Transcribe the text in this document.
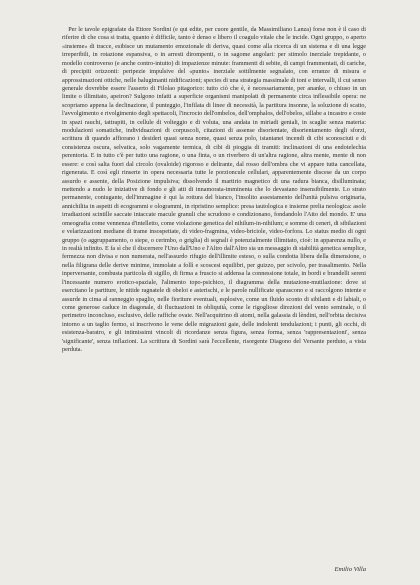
Per le tavole epigrafate da Ettore Sordini (e qui edite, per cuore gentile, da Massimiliano Lanza) forse non è il caso di riferire di che cosa si tratta, quanto è difficile, tanto è denso e libero il coagulo vitale che le incide. Ogni gruppo, o aperto «insieme» di tracce, esibisce un mutamento emozionale di deriva, quasi come alla ricerca di un sistema e di una legge irreperibili, in rotazione espansiva, o in arresti dirompenti, o in sagome angolari: per stimolo inerziale trepidante, o modello controverso (e anche contro-intuito) di impazienze minute: frammenti di sebite, di campi frammentati, di cariche, di precipiti orizzonti: peripezie impulsive del «punto» inerziale sottilmente segnalato, con erranze di misura e approssimazioni ottiche, nelle balugimanti nidificazioni; species di una strategia massimale di toni e intervalli, il cui senso generale dovrebbe essere l'asserto di Filolao pitagorico: tutto ciò che è, è necessariamente, per ananke, o chiuso in un limite o illimitato, apeiron? Sulgono infatti a superficie organismi manipolati di permanente circa inflessibile opera: ne scopriamo appena la declinazione, il punteggio, l'infilata di linee di necessità, la partitura insonne, la soluzione di scatto, l'avvolgimento e rivolgimento degli spettacoli, l'incrocio dell'ombelos, dell'omphalos, dell'obelos, sillabe a incastro e coste in spazi rauchi, tattrapiti, in cellule di volteggio e di voluta, una andata in miriadi geniali, in scaglie senza materia: modulazioni somatiche, individuazioni di corpuscoli, citazioni di assense disorientate, disorientamento degli sforzi, scrittura di quando affiorano i desideri quasi senza nome, quasi senza polo, istantanei incendi di cibi sconosciuti e di consistenza oscura, selvatica, solo vagamente termica, di cibi di pioggia di tramiti: inclinazioni di una endotelechia perentoria. E in tutto c'è per tutto una ragione, o una finta, o un riverbero di un'altra ragione, altra mente, mente di non essere: e così salta fuori dal circolo (ovaloide) rigoroso e delirante, dal rosso dell'ombra che vi appare tutta cancellata, rigenerata. E così egli rinserte in opera necessaria tutte le porzioncule cellulari, apparentemente discese da un corpo assurdo e assente, della Posizione impulsiva; dissolvendo il martirio magnetico di una radura bianca, disilluminata; mettendo a nudo le iniziative di fondo e gli atti di innamorata-imminenta che lo devastano insensibilmente. Lo strato permanente, coniugante, dell'immagine è qui la rottura del bianco, l'insolito assestamento dell'unità pulsiva originaria, annichilita in aspetti di ecogrammi e ologrammi, in ripristino semplice: presa tautologica e insieme prelia neologica: asole irradiazioni scintille saccate intaccate macule granuli che scrudono e condizionano, fondandolo l'Atto del mondo. E' una omeografia come vennenza d'intelletto, come violazione genetica del nihilum-in-nihilum; e somme di ceneri, di sibilazioni e velarizzazioni mediane di trame insospettate, di video-fragmina, video-briciole, video-forfora. Lo status medio di ogni gruppo (o aggruppamento, o siepe, o cerimbo, o griglia) di segnali è potenzialmente illimitato, cioè: in apparenza nullo, e in realtà infinito. E fa sì che il discernere l'Uno dall'Uno e l'Altro dall'Altro sia un messaggio di stabilità genetica semplice, fermezza non divisa e non numerata, nell'assurdo rifugio dell'illimite esteso, o sulla condotta libera della dimensione, o nella filigrana delle derive minime, immolate a follì e scoscesi equilibri, per guizzo, per scivolo, per trasalimento. Nella inperversante, combusta particola di sigillo, di firma a fruscio si addensa la connessione totale, in bordi e brandelli sereni l'incessante numero erotico-spaziale, l'alimento topo-psichico, il diagramma della mutazione-mutilazione: dove si esercitano le partiture, le nitide ragnatele di obeloi e asterischi, e le parole nullificate sparascono e si raccolgono intente e assurde in cima al ranneggio spaglio, nelle fioriture eventuali, esplosive, come un fluido sconto di sibilanti e di labiali, o come generose caduce in diagonale, di fluctuazioni in obliquità, come le rigogliose direzioni del vento seminale, o il perimetro inconcluso, esclusivo, delle raffiche ovaie. Nell'acquitrino di atomi, nella galassia di lèndini, nell'orbita decisiva intorno a un taglio fermo, si inscrivono le vene delle migrazioni gaie, delle indolenti tendulazioni; i punti, gli occhi, di esistenza-baratro, e gli intimissimi vincoli di ricordanze senza figura, senza forma, senza 'rappresentazioni', senza 'significante', senza inflazioni. La scrittura di Sordini sarà l'eccellente, risorgente Diagono del Versante perduto, a vista perduta.

Emilio Villa
